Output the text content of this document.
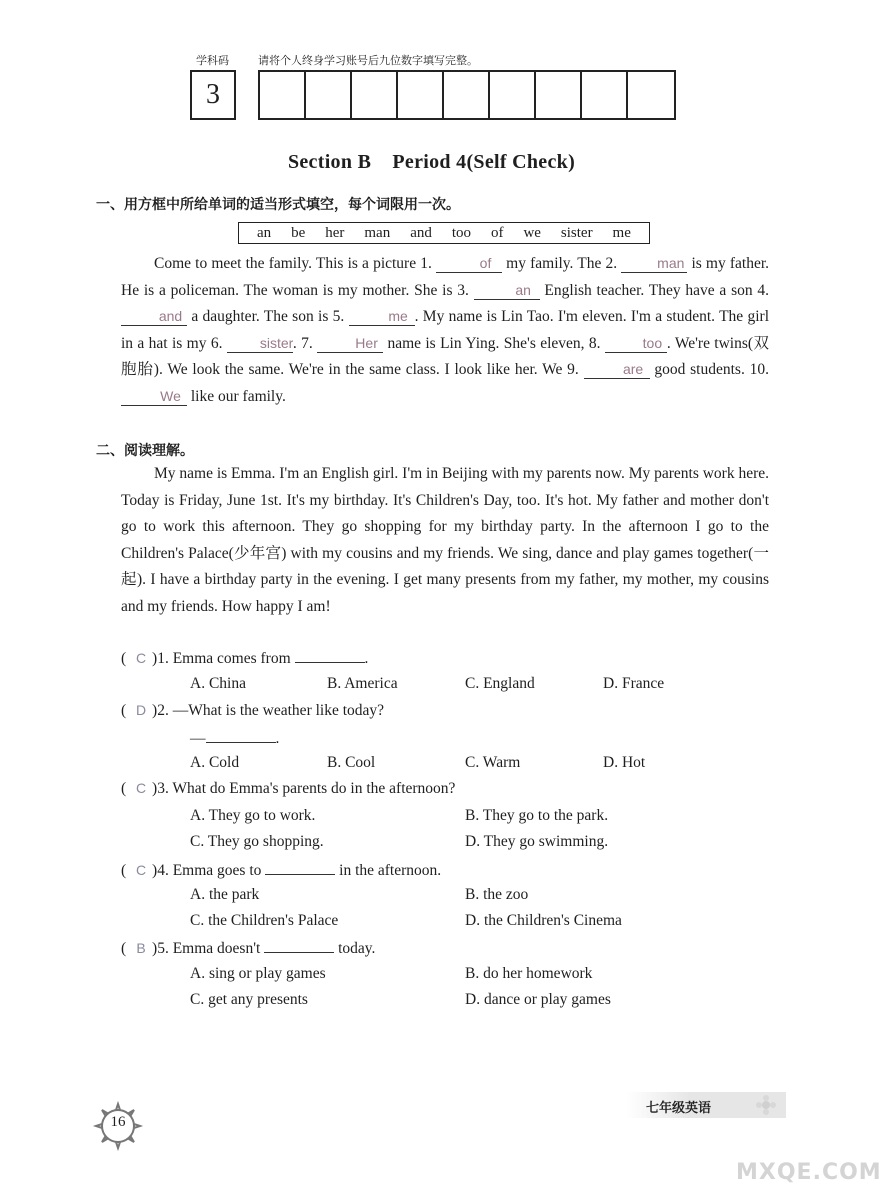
学科码	请将个人终身学习账号后九位数字填写完整。
3
Section B    Period 4(Self Check)
一、用方框中所给单词的适当形式填空，每个词限用一次。
an be her man and too of we sister me
Come to meet the family. This is a picture 1.	of my family. The 2.	man is my father. He is a policeman. The woman is my mother. She is 3.	an English teacher. They have a son 4. and a daughter. The son is 5.	me . My name is Lin Tao. I'm eleven. I'm a student. The girl in a hat is my 6.	sister. 7.	Her name is Lin Ying. She's eleven, 8.	too . We're twins(双胞胎). We look the same. We're in the same class. I look like her. We 9.	are good students. 10. We like our family.
二、阅读理解。
My name is Emma. I'm an English girl. I'm in Beijing with my parents now. My parents work here. Today is Friday, June 1st. It's my birthday. It's Children's Day, too. It's hot. My father and mother don't go to work this afternoon. They go shopping for my birthday party. In the afternoon I go to the Children's Palace(少年宫) with my cousins and my friends. We sing, dance and play games together(一起). I have a birthday party in the evening. I get many presents from my father, my mother, my cousins and my friends. How happy I am!
( C )1. Emma comes from	.
A. China	B. America	C. England	D. France
( D )2. —What is the weather like today?
—	.
A. Cold	B. Cool	C. Warm	D. Hot
( C )3. What do Emma's parents do in the afternoon?
A. They go to work.	B. They go to the park.
C. They go shopping.	D. They go swimming.
( C )4. Emma goes to	in the afternoon.
A. the park	B. the zoo
C. the Children's Palace	D. the Children's Cinema
( B )5. Emma doesn't	today.
A. sing or play games	B. do her homework
C. get any presents	D. dance or play games
16
七年级英语
MXQE.COM
